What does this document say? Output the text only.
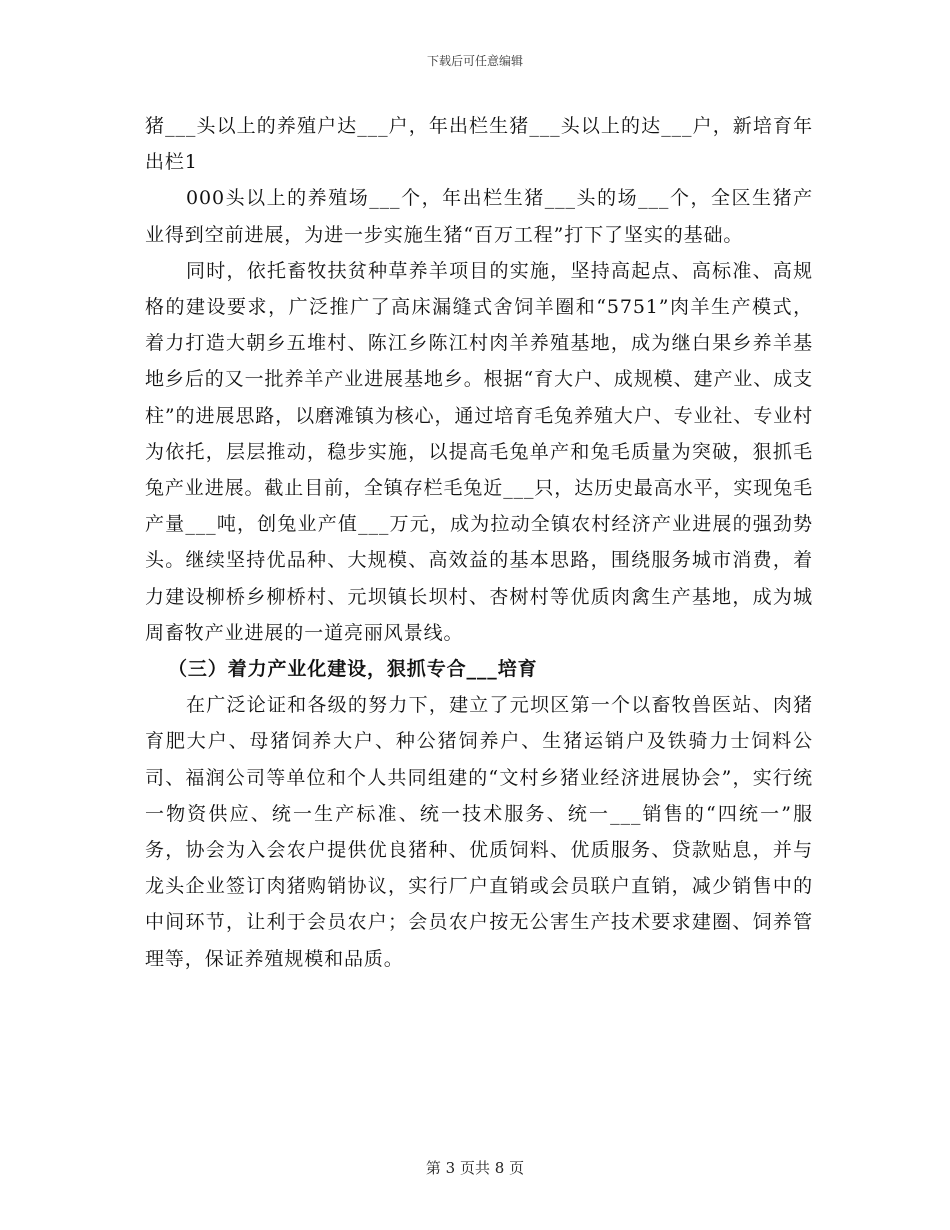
下载后可任意编辑

猪___头以上的养殖户达___户，年出栏生猪___头以上的达___户，新培育年出栏1

000头以上的养殖场___个，年出栏生猪___头的场___个，全区生猪产业得到空前进展，为进一步实施生猪“百万工程”打下了坚实的基础。

同时，依托畜牧扶贫种草养羊项目的实施，坚持高起点、高标准、高规格的建设要求，广泛推广了高床漏缝式舍饲羊圈和“5751”肉羊生产模式，着力打造大朝乡五堆村、陈江乡陈江村肉羊养殖基地，成为继白果乡养羊基地乡后的又一批养羊产业进展基地乡。根据“育大户、成规模、建产业、成支柱”的进展思路，以磨滩镇为核心，通过培育毛兔养殖大户、专业社、专业村为依托，层层推动，稳步实施，以提高毛兔单产和兔毛质量为突破，狠抓毛兔产业进展。截止目前，全镇存栏毛兔近___只，达历史最高水平，实现兔毛产量___吨，创兔业产值___万元，成为拉动全镇农村经济产业进展的强劲势头。继续坚持优品种、大规模、高效益的基本思路，围绕服务城市消费，着力建设柳桥乡柳桥村、元坝镇长坝村、杏树村等优质肉禽生产基地，成为城周畜牧产业进展的一道亮丽风景线。

（三）着力产业化建设，狠抓专合___培育

在广泛论证和各级的努力下，建立了元坝区第一个以畜牧兽医站、肉猪育肥大户、母猪饲养大户、种公猪饲养户、生猪运销户及铁骑力士饲料公司、福润公司等单位和个人共同组建的“文村乡猪业经济进展协会”，实行统一物资供应、统一生产标准、统一技术服务、统一___销售的“四统一”服务，协会为入会农户提供优良猪种、优质饲料、优质服务、贷款贴息，并与龙头企业签订肉猪购销协议，实行厂户直销或会员联户直销，减少销售中的中间环节，让利于会员农户；会员农户按无公害生产技术要求建圈、饲养管理等，保证养殖规模和品质。

第 3 页共 8 页
